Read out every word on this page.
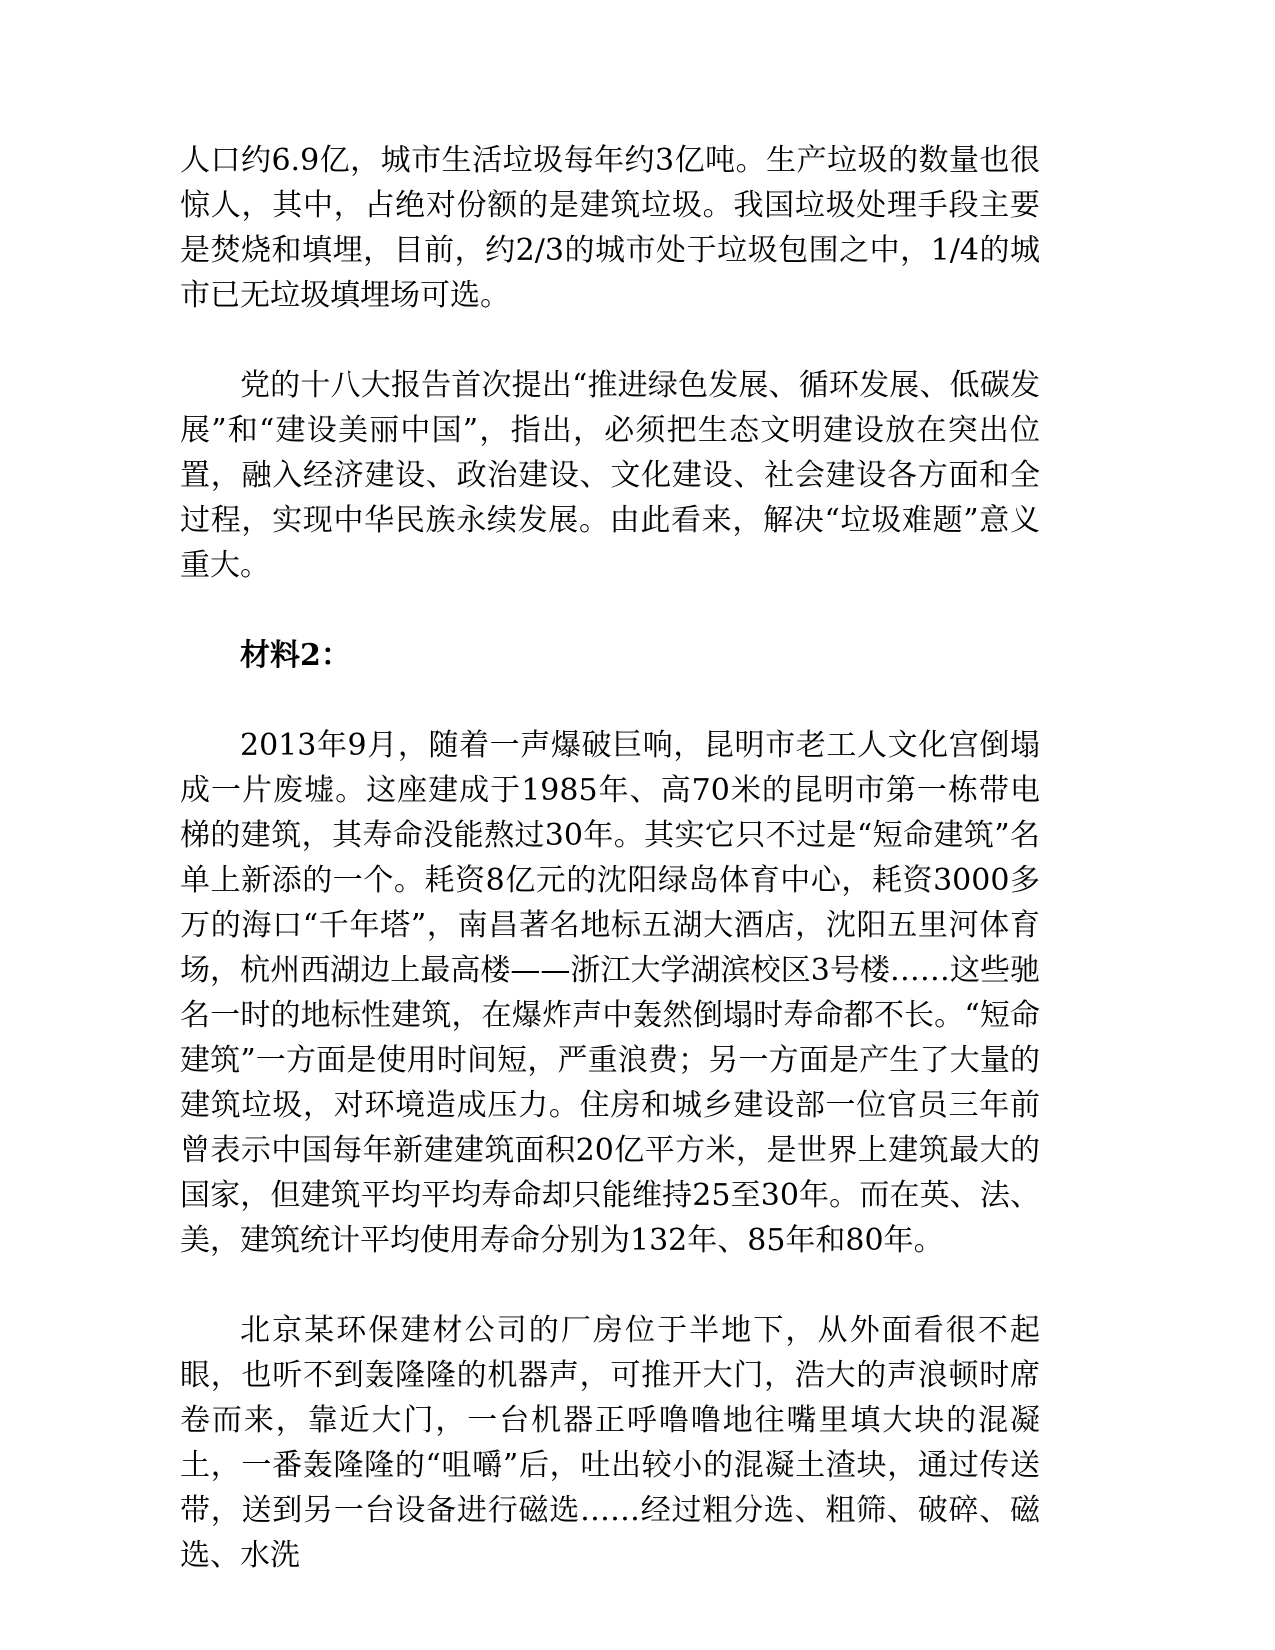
人口约6.9亿，城市生活垃圾每年约3亿吨。生产垃圾的数量也很惊人，其中，占绝对份额的是建筑垃圾。我国垃圾处理手段主要是焚烧和填埋，目前，约2/3的城市处于垃圾包围之中，1/4的城市已无垃圾填埋场可选。

党的十八大报告首次提出“推进绿色发展、循环发展、低碳发展”和“建设美丽中国”，指出，必须把生态文明建设放在突出位置，融入经济建设、政治建设、文化建设、社会建设各方面和全过程，实现中华民族永续发展。由此看来，解决“垃圾难题”意义重大。

材料2：

2013年9月，随着一声爆破巨响，昆明市老工人文化宫倒塌成一片废墟。这座建成于1985年、高70米的昆明市第一栋带电梯的建筑，其寿命没能熬过30年。其实它只不过是“短命建筑”名单上新添的一个。耗资8亿元的沈阳绿岛体育中心，耗资3000多万的海口“千年塔”，南昌著名地标五湖大酒店，沈阳五里河体育场，杭州西湖边上最高楼——浙江大学湖滨校区3号楼……这些驰名一时的地标性建筑，在爆炸声中轰然倒塌时寿命都不长。“短命建筑”一方面是使用时间短，严重浪费；另一方面是产生了大量的建筑垃圾，对环境造成压力。住房和城乡建设部一位官员三年前曾表示中国每年新建建筑面积20亿平方米，是世界上建筑最大的国家，但建筑平均平均寿命却只能维持25至30年。而在英、法、美，建筑统计平均使用寿命分别为132年、85年和80年。

北京某环保建材公司的厂房位于半地下，从外面看很不起眼，也听不到轰隆隆的机器声，可推开大门，浩大的声浪顿时席卷而来，靠近大门，一台机器正呼噜噜地往嘴里填大块的混凝土，一番轰隆隆的“咀嚼”后，吐出较小的混凝土渣块，通过传送带，送到另一台设备进行磁选……经过粗分选、粗筛、破碎、磁选、水洗
